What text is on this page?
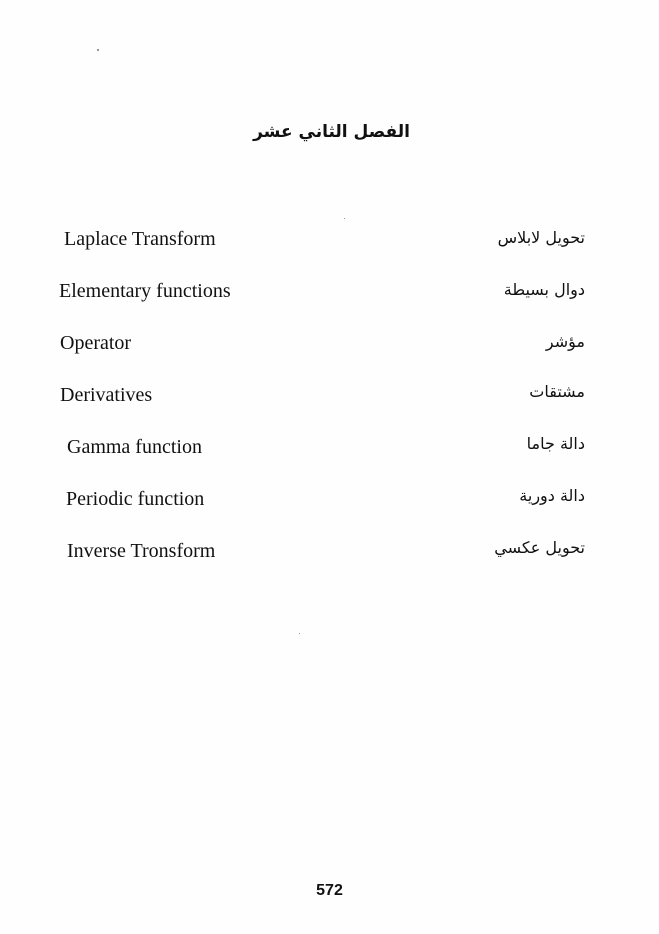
الفصل الثاني عشر
Laplace Transform	تحويل لابلاس
Elementary functions	دوال بسيطة
Operator	مؤشر
Derivatives	مشتقات
Gamma function	دالة جاما
Periodic function	دالة دورية
Inverse Tronsform	تحويل عكسي
572
